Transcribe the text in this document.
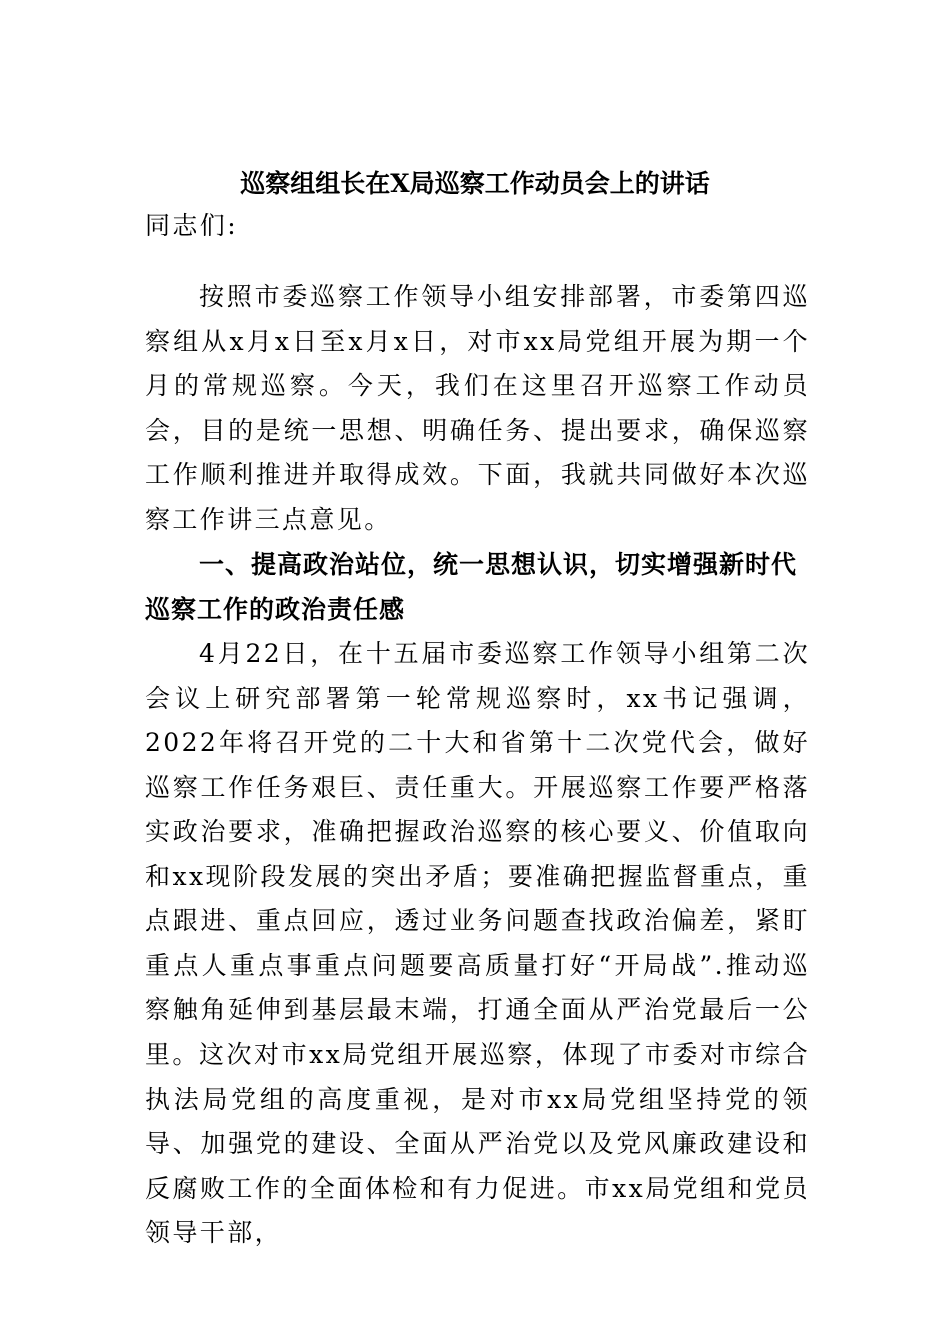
巡察组组长在X局巡察工作动员会上的讲话

同志们:

按照市委巡察工作领导小组安排部署，市委第四巡察组从x月x日至x月x日，对市xx局党组开展为期一个月的常规巡察。今天，我们在这里召开巡察工作动员会，目的是统一思想、明确任务、提出要求，确保巡察工作顺利推进并取得成效。下面，我就共同做好本次巡察工作讲三点意见。

一、提高政治站位，统一思想认识，切实增强新时代巡察工作的政治责任感

4月22日，在十五届市委巡察工作领导小组第二次会议上研究部署第一轮常规巡察时，xx书记强调，2022年将召开党的二十大和省第十二次党代会，做好巡察工作任务艰巨、责任重大。开展巡察工作要严格落实政治要求，准确把握政治巡察的核心要义、价值取向和xx现阶段发展的突出矛盾；要准确把握监督重点，重点跟进、重点回应，透过业务问题查找政治偏差，紧盯重点人重点事重点问题要高质量打好“开局战”.推动巡察触角延伸到基层最末端，打通全面从严治党最后一公里。 这次对市xx局党组开展巡察，体现了市委对市综合执法局党组的高度重视，是对市xx局党组坚持党的领导、加强党的建设、全面从严治党以及党风廉政建设和反腐败工作的全面体检和有力促进。市xx局党组和党员领导干部，
